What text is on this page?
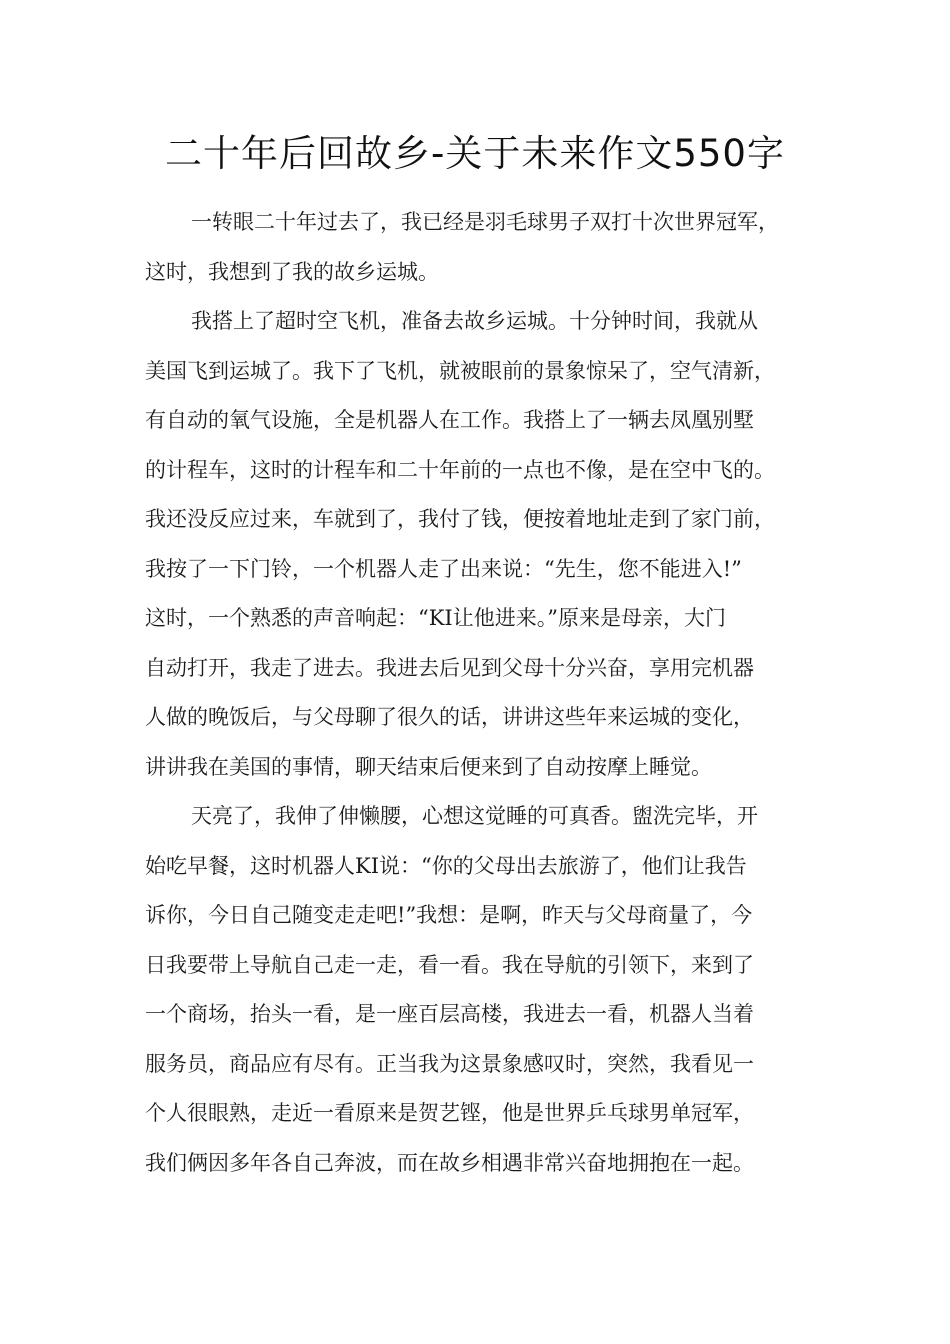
二十年后回故乡-关于未来作文550字
一转眼二十年过去了，我已经是羽毛球男子双打十次世界冠军，
这时，我想到了我的故乡运城。
我搭上了超时空飞机，准备去故乡运城。十分钟时间，我就从
美国飞到运城了。我下了飞机，就被眼前的景象惊呆了，空气清新，
有自动的氧气设施，全是机器人在工作。我搭上了一辆去凤凰别墅
的计程车，这时的计程车和二十年前的一点也不像，是在空中飞的。
我还没反应过来，车就到了，我付了钱，便按着地址走到了家门前，
我按了一下门铃，一个机器人走了出来说：“先生，您不能进入!”
这时，一个熟悉的声音响起：“KI让他进来。”原来是母亲，大门
自动打开，我走了进去。我进去后见到父母十分兴奋，享用完机器
人做的晚饭后，与父母聊了很久的话，讲讲这些年来运城的变化，
讲讲我在美国的事情，聊天结束后便来到了自动按摩上睡觉。
天亮了，我伸了伸懒腰，心想这觉睡的可真香。盥洗完毕，开
始吃早餐，这时机器人KI说：“你的父母出去旅游了，他们让我告
诉你，今日自己随变走走吧!”我想：是啊，昨天与父母商量了，今
日我要带上导航自己走一走，看一看。我在导航的引领下，来到了
一个商场，抬头一看，是一座百层高楼，我进去一看，机器人当着
服务员，商品应有尽有。正当我为这景象感叹时，突然，我看见一
个人很眼熟，走近一看原来是贺艺铿，他是世界乒乓球男单冠军，
我们俩因多年各自己奔波，而在故乡相遇非常兴奋地拥抱在一起。
